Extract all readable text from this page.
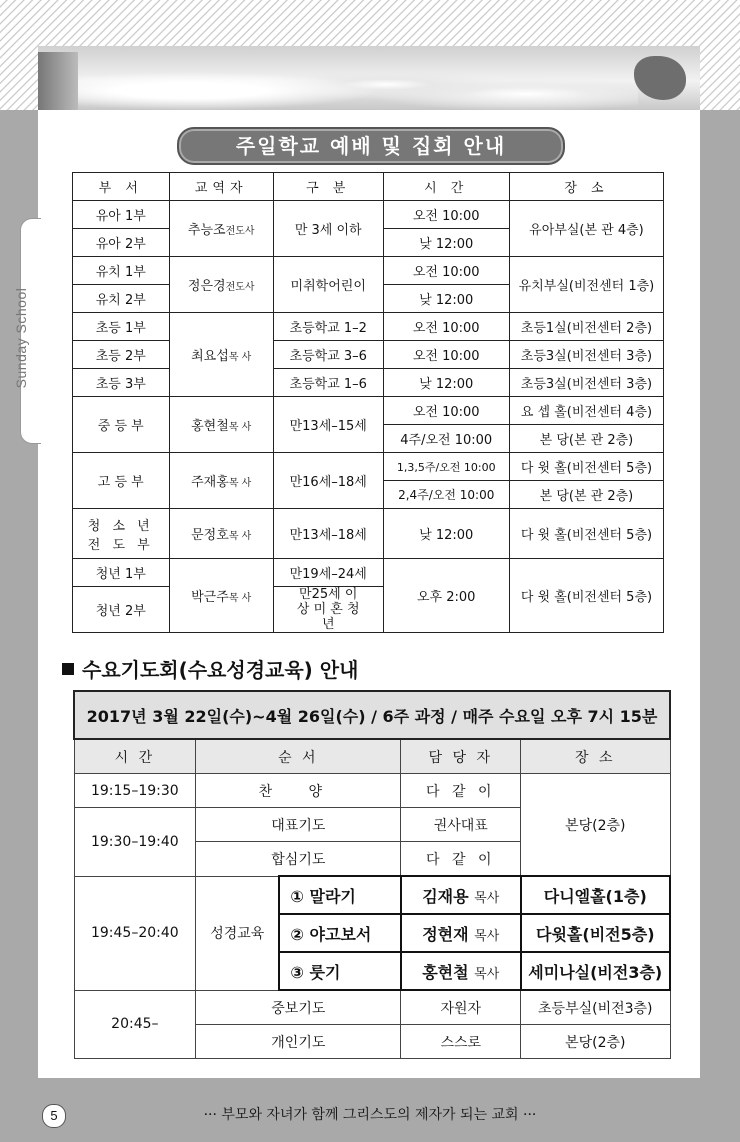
Sunday School
주일학교 예배 및 집회 안내
부 서	교역자	구 분	시 간	장 소
유아 1부	추능조전도사	만 3세 이하	오전 10:00	유아부실(본 관 4층)
유아 2부			낮 12:00	
유치 1부	정은경전도사	미취학어린이	오전 10:00	유치부실(비전센터 1층)
유치 2부			낮 12:00	
초등 1부	최요섭목 사	초등학교 1–2	오전 10:00	초등1실(비전센터 2층)
초등 2부		초등학교 3–6	오전 10:00	초등3실(비전센터 3층)
초등 3부		초등학교 1–6	낮 12:00	초등3실(비전센터 3층)
중 등 부	홍현철목 사	만13세–15세	오전 10:00	요 셉 홀(비전센터 4층)
			4주/오전 10:00	본 당(본 관 2층)
고 등 부	주재홍목 사	만16세–18세	1,3,5주/오전 10:00	다 윗 홀(비전센터 5층)
			2,4주/오전 10:00	본 당(본 관 2층)
청 소 년 전 도 부	문정호목 사	만13세–18세	낮 12:00	다 윗 홀(비전센터 5층)
청년 1부	박근주목 사	만19세–24세	오후 2:00	다 윗 홀(비전센터 5층)
청년 2부		만25세 이상 미 혼 청 년		
수요기도회(수요성경교육) 안내
2017년 3월 22일(수)~4월 26일(수) / 6주 과정 / 매주 수요일 오후 7시 15분				
시 간	순 서		담 당 자	장 소
19:15–19:30	찬 양		다 같 이	본당(2층)
19:30–19:40	대표기도		권사대표	
	합심기도		다 같 이	
19:45–20:40	성경교육	① 말라기	김재용 목사	다니엘홀(1층)
		② 야고보서	정현재 목사	다윗홀(비전5층)
		③ 룻기	홍현철 목사	세미나실(비전3층)
20:45–	중보기도		자원자	초등부실(비전3층)
	개인기도		스스로	본당(2층)
5	··· 부모와 자녀가 함께 그리스도의 제자가 되는 교회 ···
